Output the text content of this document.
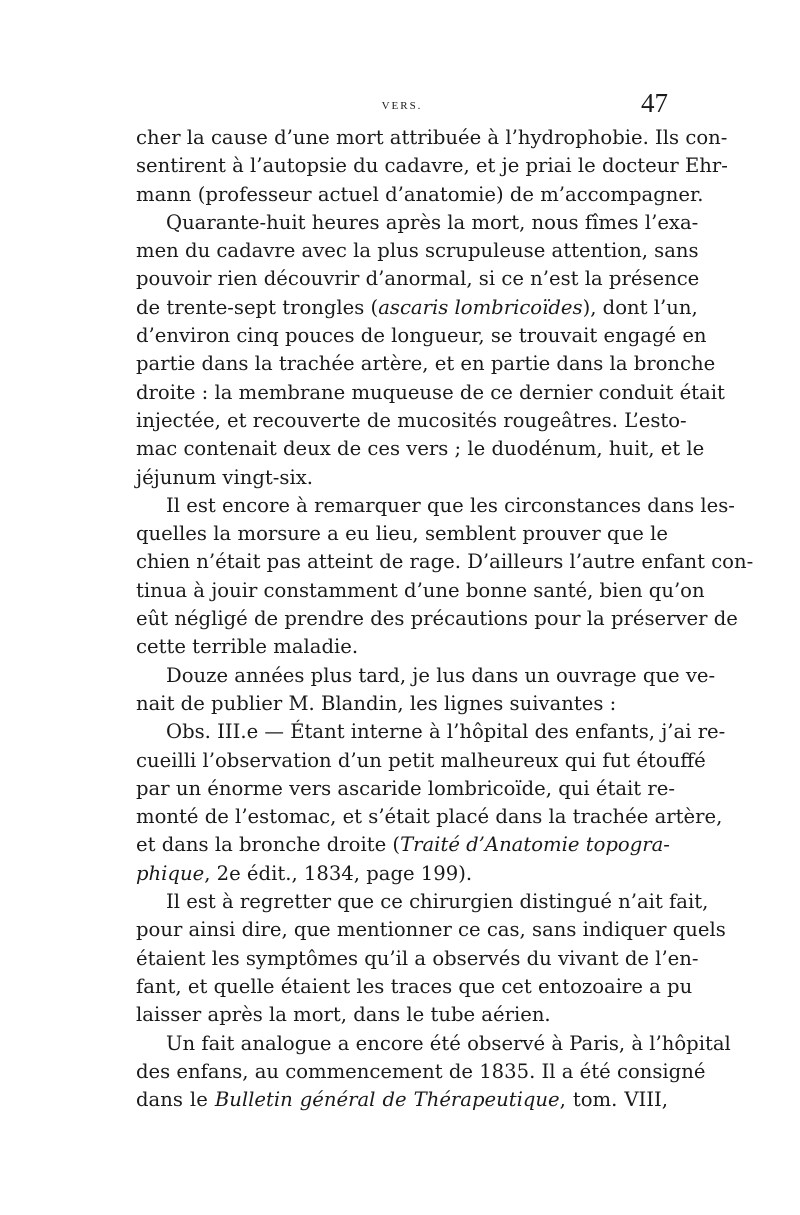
VERS.	47
cher la cause d’une mort attribuée à l’hydrophobie. Ils con-
sentirent à l’autopsie du cadavre, et je priai le docteur Ehr-
mann (professeur actuel d’anatomie) de m’accompagner.
Quarante-huit heures après la mort, nous fîmes l’exa-
men du cadavre avec la plus scrupuleuse attention, sans
pouvoir rien découvrir d’anormal, si ce n’est la présence
de trente-sept trongles (ascaris lombricoïdes), dont l’un,
d’environ cinq pouces de longueur, se trouvait engagé en
partie dans la trachée artère, et en partie dans la bronche
droite : la membrane muqueuse de ce dernier conduit était
injectée, et recouverte de mucosités rougeâtres. L’esto-
mac contenait deux de ces vers ; le duodénum, huit, et le
jéjunum vingt-six.
Il est encore à remarquer que les circonstances dans les-
quelles la morsure a eu lieu, semblent prouver que le
chien n’était pas atteint de rage. D’ailleurs l’autre enfant con-
tinua à jouir constamment d’une bonne santé, bien qu’on
eût négligé de prendre des précautions pour la préserver de
cette terrible maladie.
Douze années plus tard, je lus dans un ouvrage que ve-
nait de publier M. Blandin, les lignes suivantes :
Obs. III.e — Étant interne à l’hôpital des enfants, j’ai re-
cueilli l’observation d’un petit malheureux qui fut étouffé
par un énorme vers ascaride lombricoïde, qui était re-
monté de l’estomac, et s’était placé dans la trachée artère,
et dans la bronche droite (Traité d’Anatomie topogra-
phique, 2e édit., 1834, page 199).
Il est à regretter que ce chirurgien distingué n’ait fait,
pour ainsi dire, que mentionner ce cas, sans indiquer quels
étaient les symptômes qu’il a observés du vivant de l’en-
fant, et quelle étaient les traces que cet entozoaire a pu
laisser après la mort, dans le tube aérien.
Un fait analogue a encore été observé à Paris, à l’hôpital
des enfans, au commencement de 1835. Il a été consigné
dans le Bulletin général de Thérapeutique, tom. VIII,
